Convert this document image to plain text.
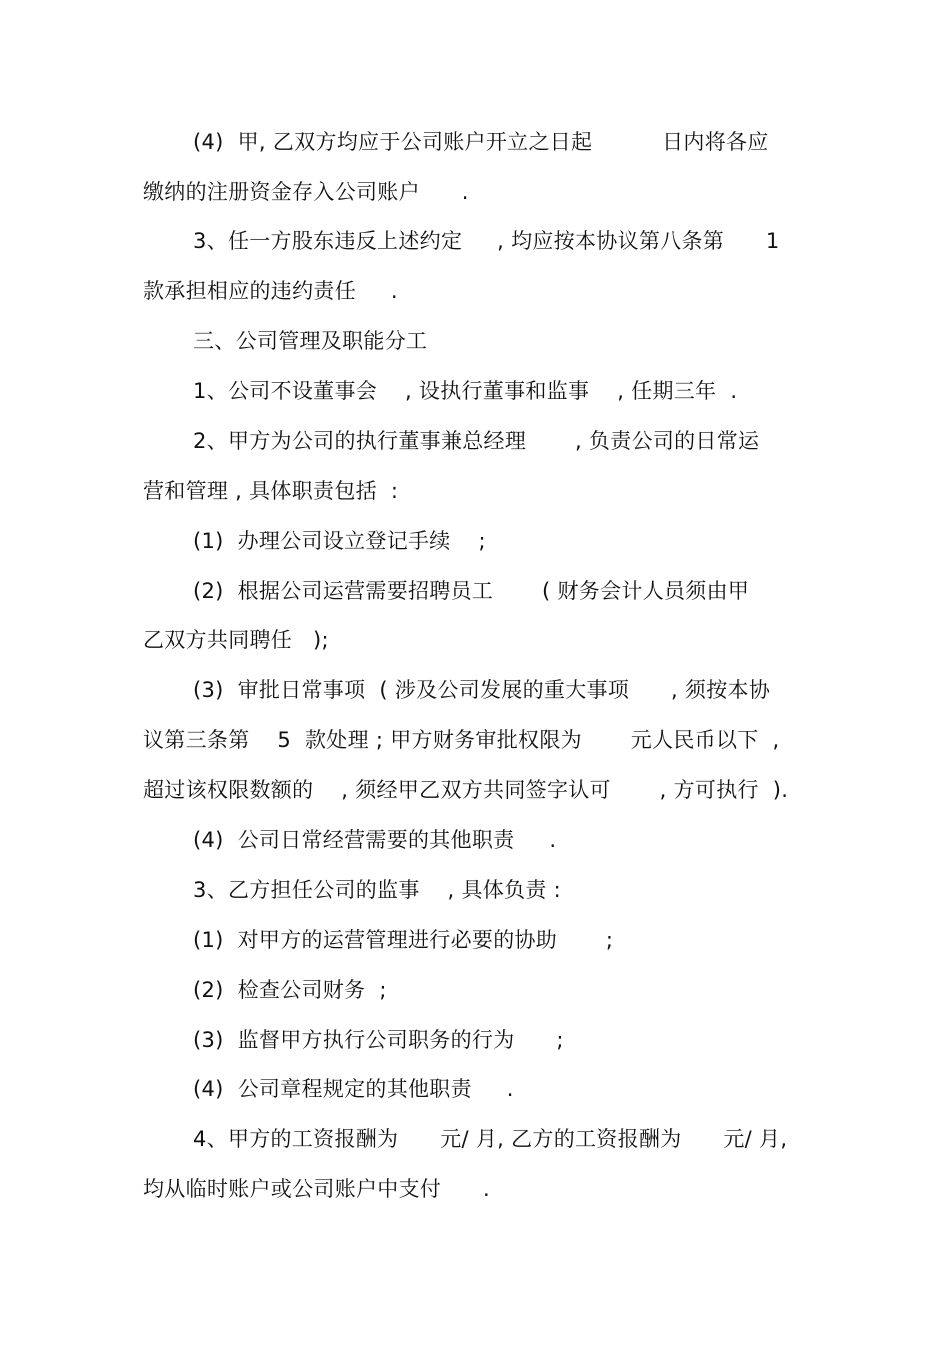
(4)  甲, 乙双方均应于公司账户开立之日起          日内将各应
缴纳的注册资金存入公司账户      .
3、任一方股东违反上述约定     , 均应按本协议第八条第      1
款承担相应的违约责任     .
三、公司管理及职能分工
1、公司不设董事会    , 设执行董事和监事    , 任期三年  .
2、甲方为公司的执行董事兼总经理       , 负责公司的日常运
营和管理 , 具体职责包括  :
(1)  办理公司设立登记手续    ;
(2)  根据公司运营需要招聘员工       ( 财务会计人员须由甲
乙双方共同聘任   );
(3)  审批日常事项  ( 涉及公司发展的重大事项      , 须按本协
议第三条第    5  款处理 ; 甲方财务审批权限为       元人民币以下  ,
超过该权限数额的    , 须经甲乙双方共同签字认可       , 方可执行  ).
(4)  公司日常经营需要的其他职责     .
3、乙方担任公司的监事    , 具体负责 :
(1)  对甲方的运营管理进行必要的协助       ;
(2)  检查公司财务  ;
(3)  监督甲方执行公司职务的行为      ;
(4)  公司章程规定的其他职责     .
4、甲方的工资报酬为      元/ 月, 乙方的工资报酬为      元/ 月,
均从临时账户或公司账户中支付      .
